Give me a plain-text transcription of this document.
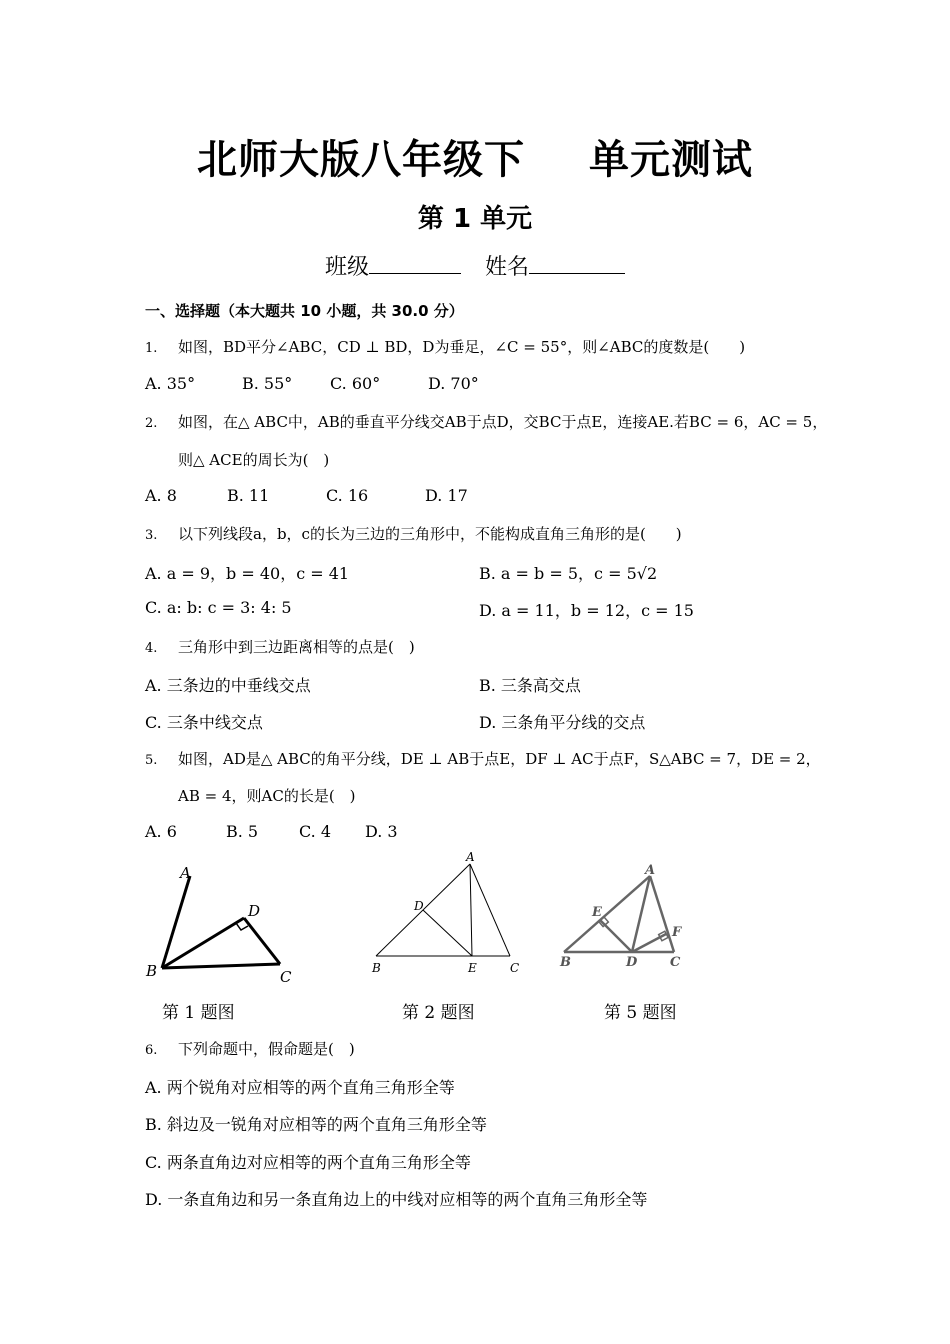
北师大版八年级下 单元测试
第 1 单元
班级	姓名
一、选择题（本大题共 10 小题，共 30.0 分）
1. 如图，BD平分∠ABC，CD ⊥ BD，D为垂足，∠C = 55°，则∠ABC的度数是(　　)
A. 35°	B. 55° C. 60°	D. 70°
2. 如图，在△ ABC中，AB的垂直平分线交AB于点D，交BC于点E，连接AE.若BC = 6，AC = 5，
则△ ACE的周长为(　)
A. 8	B. 11	C. 16	D. 17
3. 以下列线段a，b，c的长为三边的三角形中，不能构成直角三角形的是(　　)
A. a = 9，b = 40，c = 41	B. a = b = 5，c = 5√2
C. a: b: c = 3: 4: 5	D. a = 11，b = 12，c = 15
4. 三角形中到三边距离相等的点是(　)
A. 三条边的中垂线交点	B. 三条高交点
C. 三条中线交点	D. 三条角平分线的交点
5. 如图，AD是△ ABC的角平分线，DE ⊥ AB于点E，DF ⊥ AC于点F，S△ABC = 7，DE = 2，
AB = 4，则AC的长是(　)
A. 6	B. 5	C. 4 D. 3
A
B	C
D
第 1 题图
A
B	C
D
E
第 2 题图
A
B	C
D
E
F
第 5 题图
6. 下列命题中，假命题是(　)
A. 两个锐角对应相等的两个直角三角形全等
B. 斜边及一锐角对应相等的两个直角三角形全等
C. 两条直角边对应相等的两个直角三角形全等
D. 一条直角边和另一条直角边上的中线对应相等的两个直角三角形全等
